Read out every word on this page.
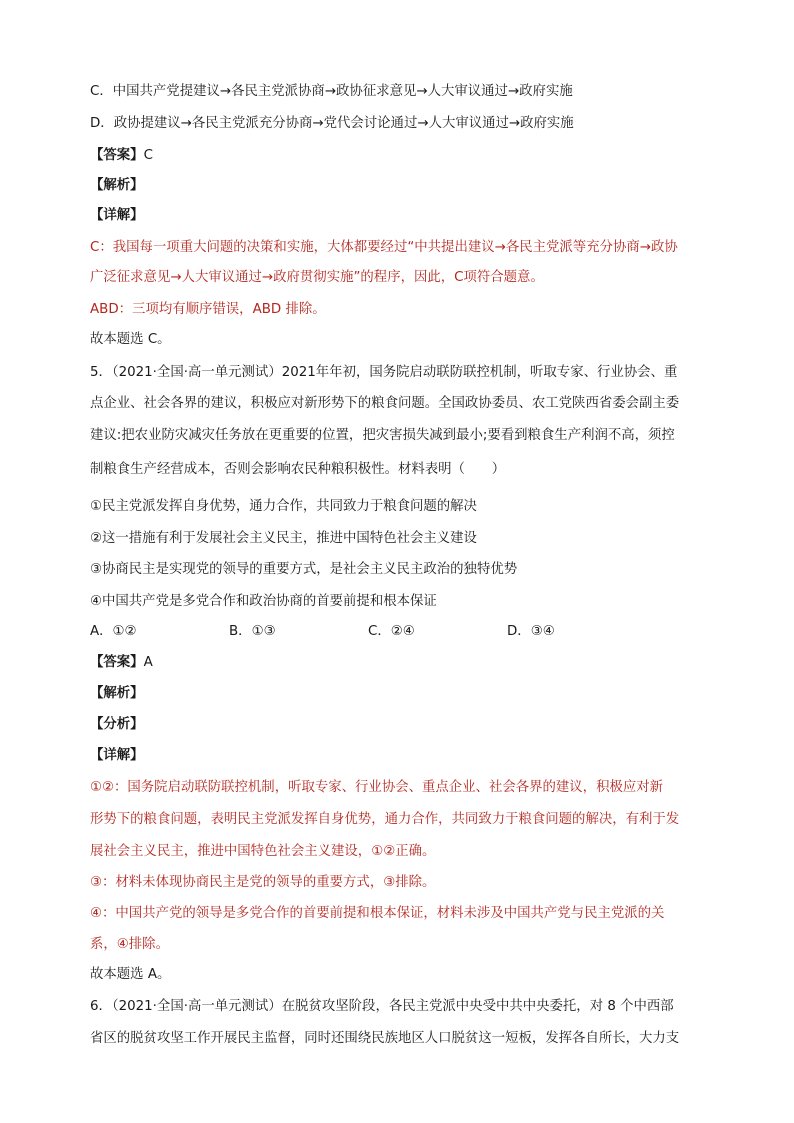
C．中国共产党提建议→各民主党派协商→政协征求意见→人大审议通过→政府实施
D．政协提建议→各民主党派充分协商→党代会讨论通过→人大审议通过→政府实施
【答案】C
【解析】
【详解】
C：我国每一项重大问题的决策和实施，大体都要经过“中共提出建议→各民主党派等充分协商→政协
广泛征求意见→人大审议通过→政府贯彻实施”的程序，因此，C项符合题意。
ABD：三项均有顺序错误，ABD 排除。
故本题选 C。
5．（2021·全国·高一单元测试）2021年年初，国务院启动联防联控机制，听取专家、行业协会、重
点企业、社会各界的建议，积极应对新形势下的粮食问题。全国政协委员、农工党陕西省委会副主委
建议:把农业防灾减灾任务放在更重要的位置，把灾害损失减到最小;要看到粮食生产利润不高，须控
制粮食生产经营成本，否则会影响农民种粮积极性。材料表明（　　）
①民主党派发挥自身优势，通力合作，共同致力于粮食问题的解决
②这一措施有利于发展社会主义民主，推进中国特色社会主义建设
③协商民主是实现党的领导的重要方式，是社会主义民主政治的独特优势
④中国共产党是多党合作和政治协商的首要前提和根本保证
A．①②	B．①③	C．②④	D．③④
【答案】A
【解析】
【分析】
【详解】
①②：国务院启动联防联控机制，听取专家、行业协会、重点企业、社会各界的建议，积极应对新
形势下的粮食问题，表明民主党派发挥自身优势，通力合作，共同致力于粮食问题的解决，有利于发
展社会主义民主，推进中国特色社会主义建设，①②正确。
③：材料未体现协商民主是党的领导的重要方式，③排除。
④：中国共产党的领导是多党合作的首要前提和根本保证，材料未涉及中国共产党与民主党派的关
系，④排除。
故本题选 A。
6．（2021·全国·高一单元测试）在脱贫攻坚阶段，各民主党派中央受中共中央委托，对 8 个中西部
省区的脱贫攻坚工作开展民主监督，同时还围绕民族地区人口脱贫这一短板，发挥各自所长，大力支
